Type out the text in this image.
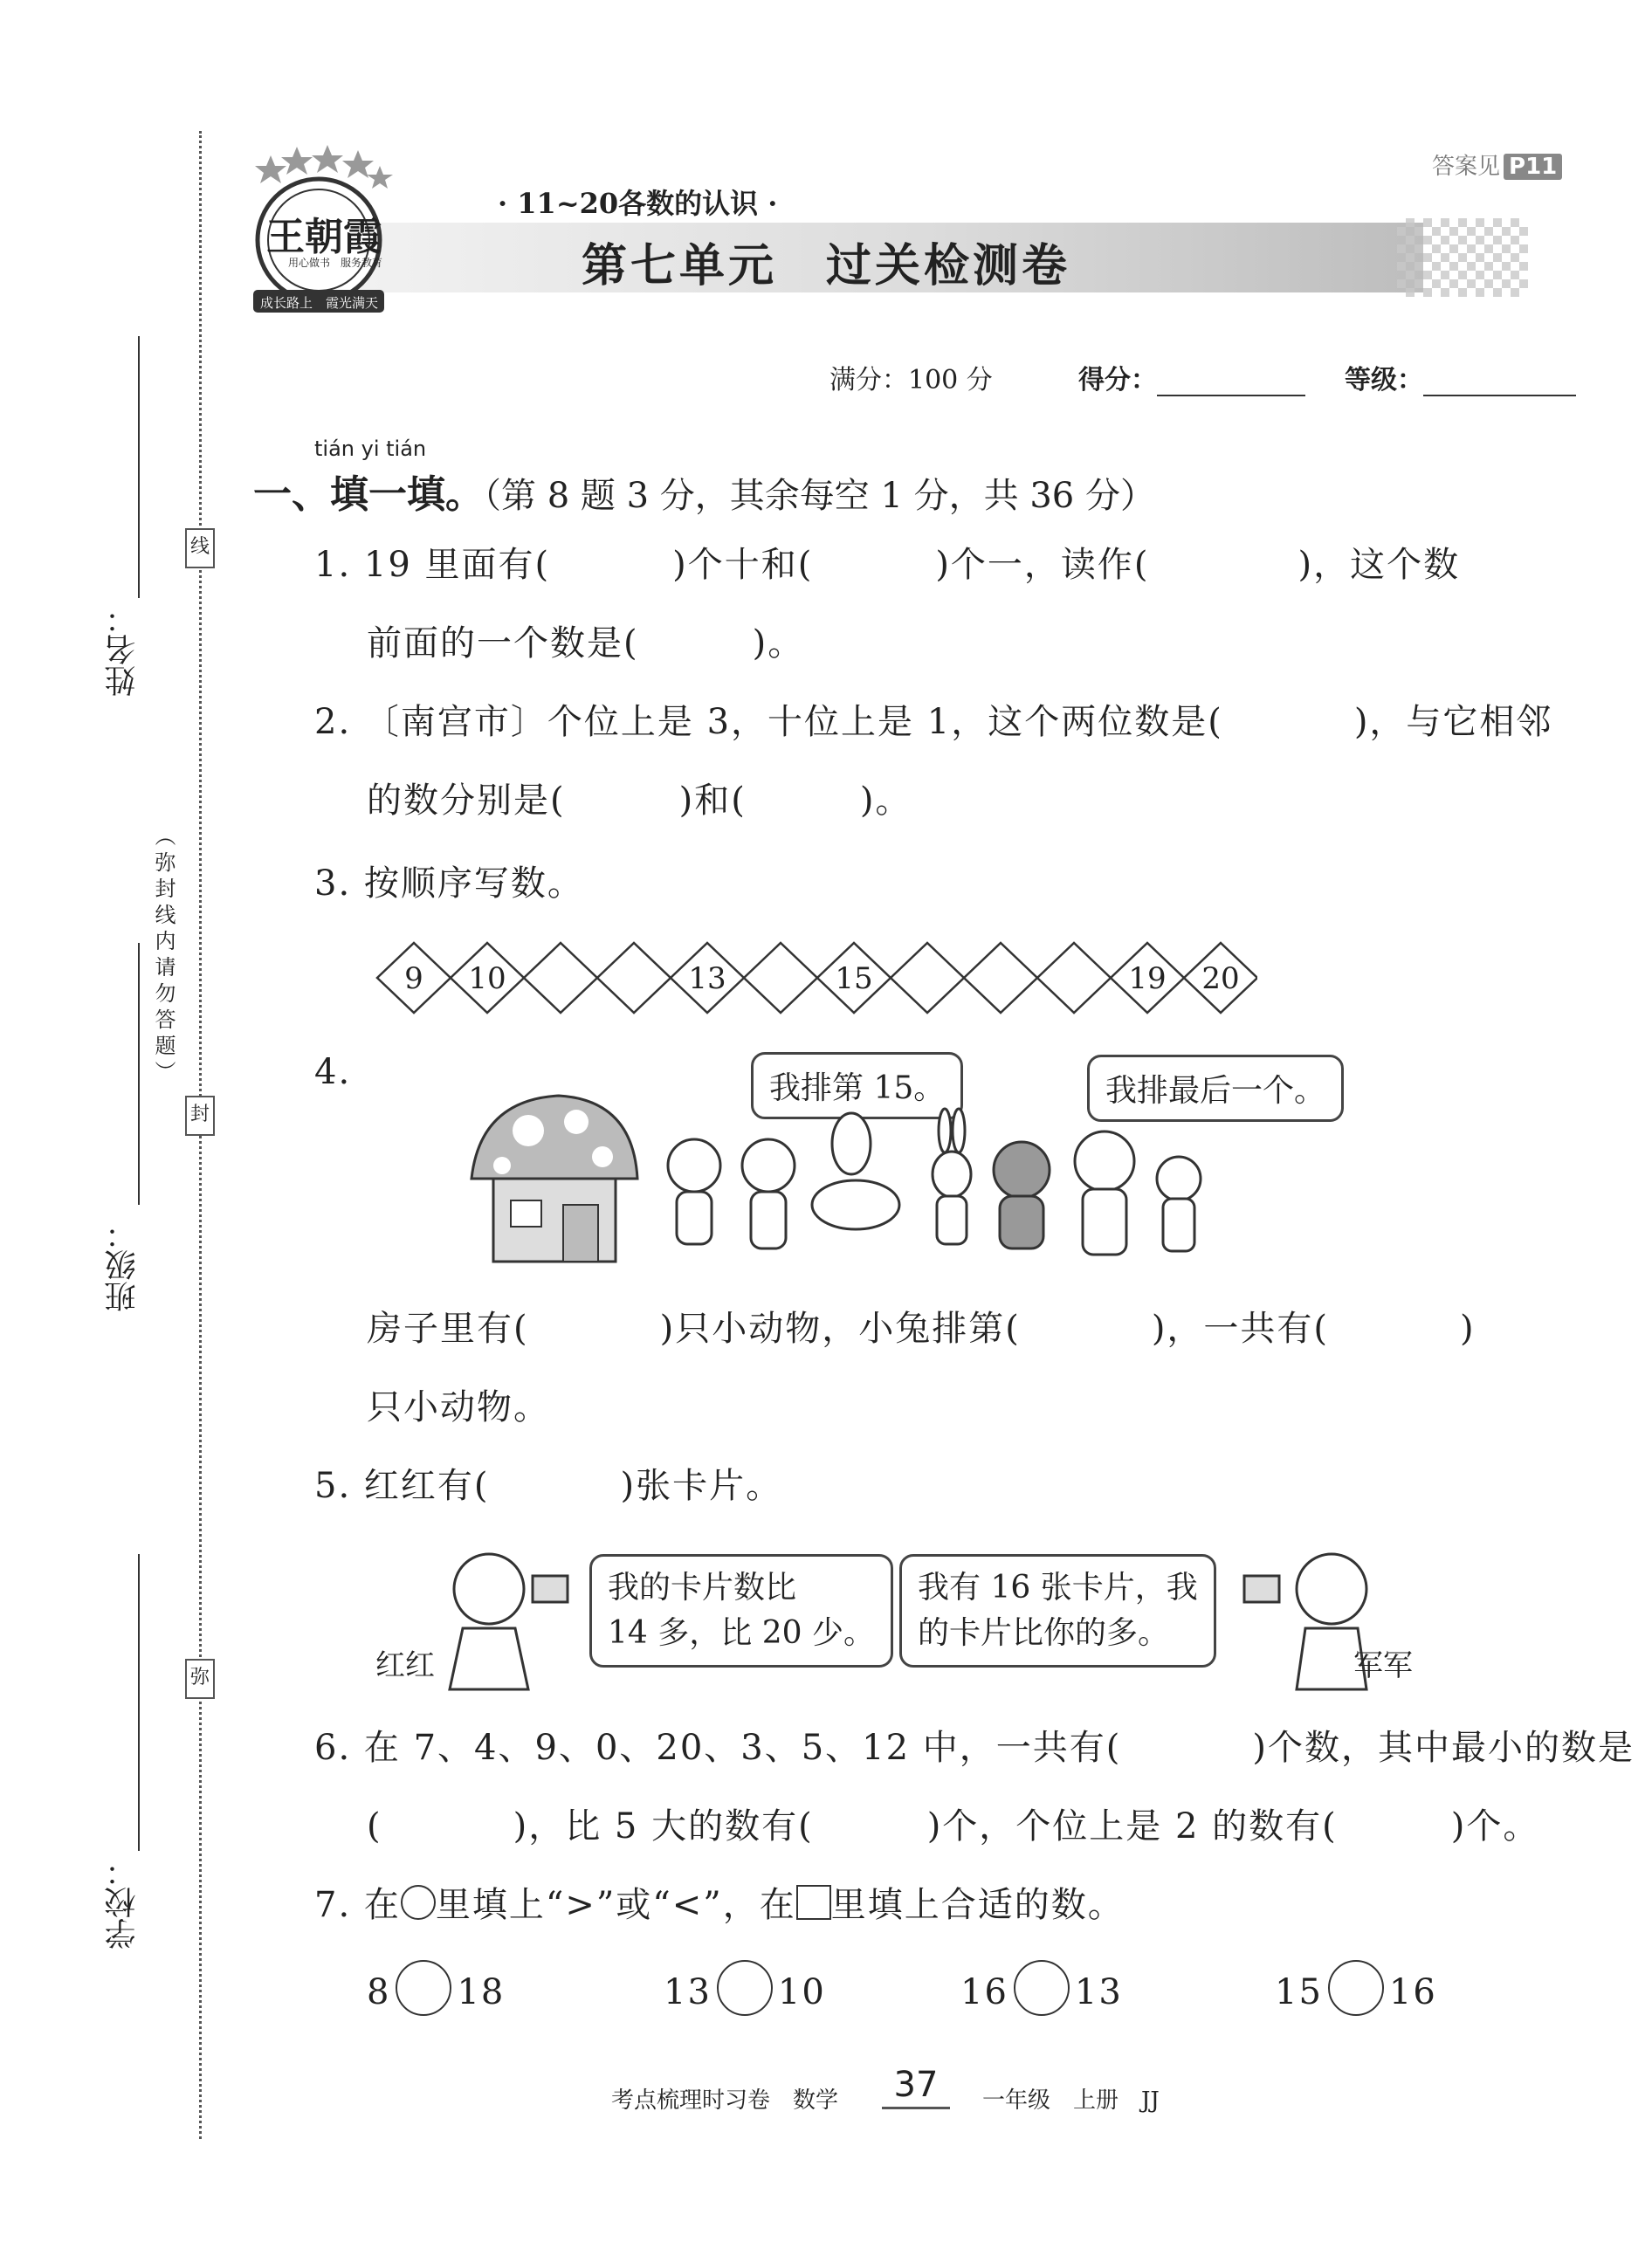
线
封
弥
姓名：
班级：
学校：
（弥封线内请勿答题）
王朝霞
用心做书　服务教育
成长路上　霞光满天
答案见 P11
· 11~20各数的认识 ·
第七单元　过关检测卷
满分：100 分	得分：	等级：
tián yi tián
一、填一填。（第 8 题 3 分，其余每空 1 分，共 36 分）
1. 19 里面有(	)个十和(	)个一，读作(	)，这个数
前面的一个数是(	)。
2. 〔南宫市〕个位上是 3，十位上是 1，这个两位数是(	)，与它相邻
的数分别是(	)和(	)。
3. 按顺序写数。
9 10	13	15	19 20
4.	我排第 15。	我排最后一个。
房子里有(	)只小动物，小兔排第(	)，一共有(	)
只小动物。
5. 红红有(	)张卡片。
红红
我的卡片数比
14 多，比 20 少。
我有 16 张卡片，我
的卡片比你的多。
军军
6. 在 7、4、9、0、20、3、5、12 中，一共有(	)个数，其中最小的数是
(	)，比 5 大的数有(	)个，个位上是 2 的数有(	)个。
7. 在 里填上“>”或“<”，在 里填上合适的数。
8 18	13 10	16 13	15 16
考点梳理时习卷　数学	37	一年级　上册　JJ
